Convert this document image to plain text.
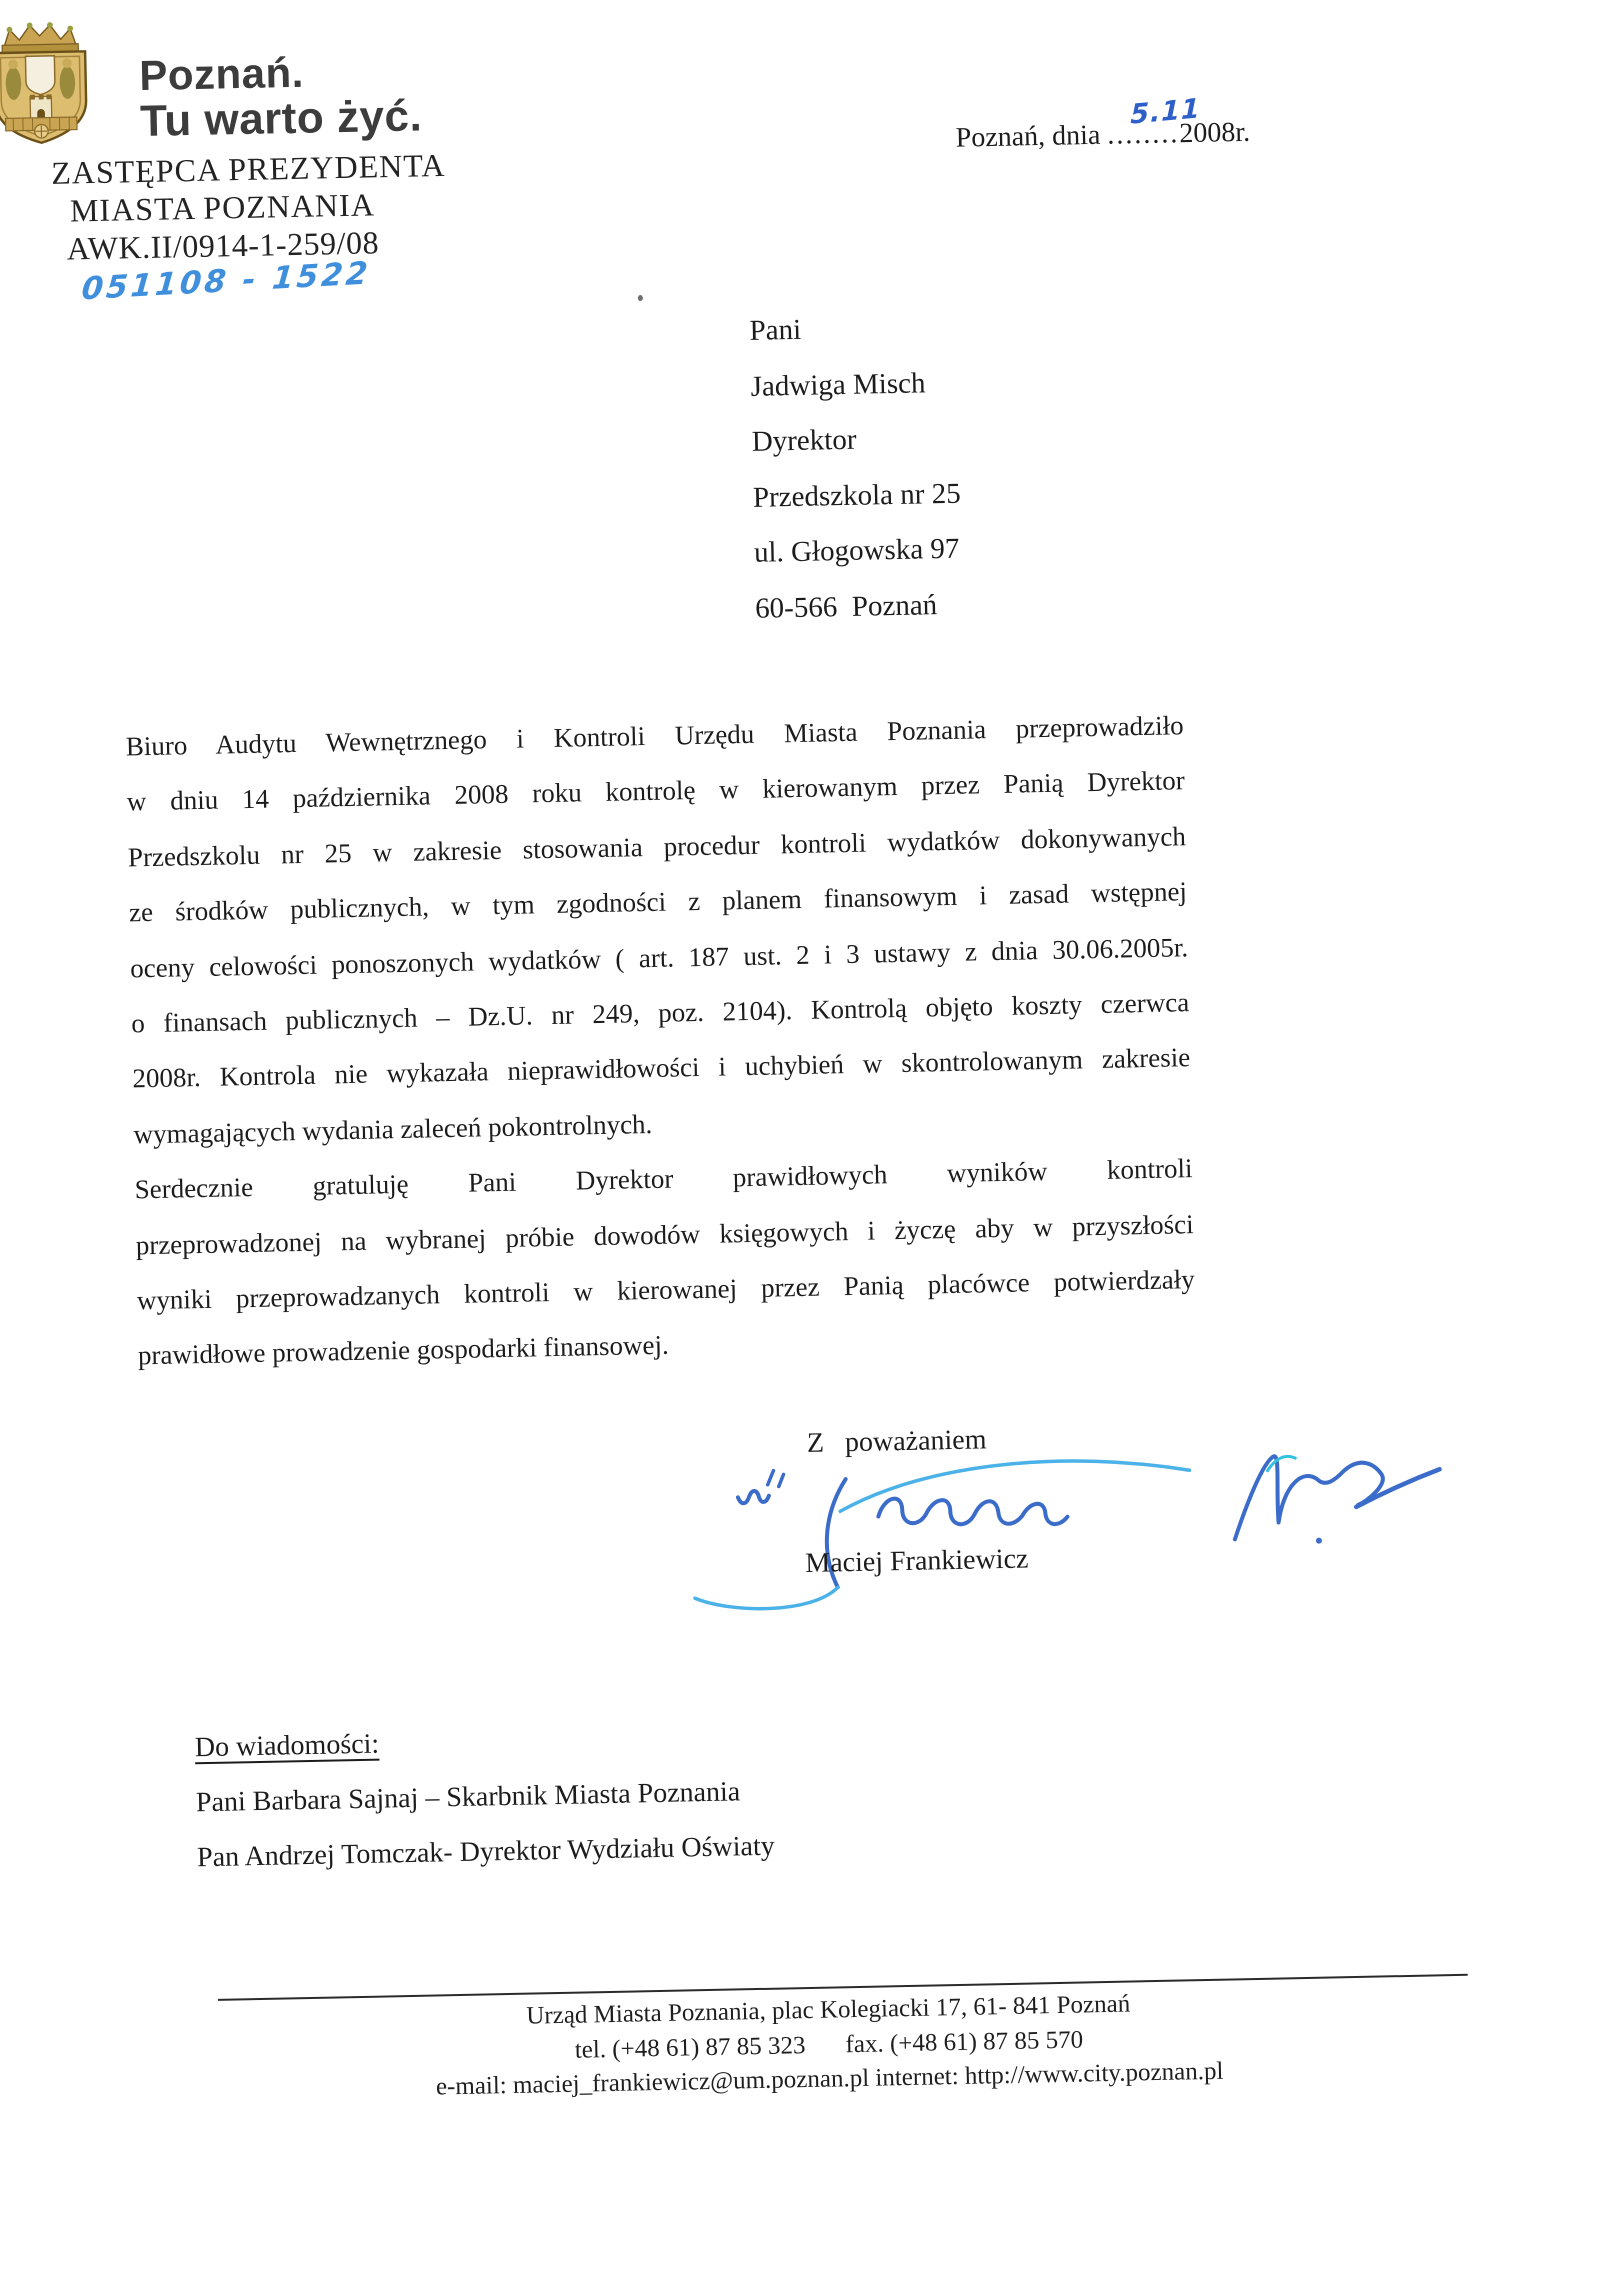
Poznań.
Tu warto żyć.
ZASTĘPCA PREZYDENTA
MIASTA POZNANIA
AWK.II/0914-1-259/08
051108 - 1522
Poznań, dnia ........2008r.
5.11
Pani
Jadwiga Misch
Dyrektor
Przedszkola nr 25
ul. Głogowska 97
60-566  Poznań
Biuro Audytu Wewnętrznego i Kontroli Urzędu Miasta Poznania przeprowadziło
w dniu 14 października 2008 roku kontrolę w kierowanym przez Panią Dyrektor
Przedszkolu nr 25 w zakresie stosowania procedur kontroli wydatków dokonywanych
ze środków publicznych, w tym zgodności z planem finansowym i zasad wstępnej
oceny celowości ponoszonych wydatków ( art. 187 ust. 2 i 3 ustawy z dnia 30.06.2005r.
o finansach publicznych – Dz.U. nr 249, poz. 2104). Kontrolą objęto koszty czerwca
2008r. Kontrola nie wykazała nieprawidłowości i uchybień w skontrolowanym zakresie
wymagających wydania zaleceń pokontrolnych.
Serdecznie gratuluję Pani Dyrektor prawidłowych wyników kontroli
przeprowadzonej na wybranej próbie dowodów księgowych i życzę aby w przyszłości
wyniki przeprowadzanych kontroli w kierowanej przez Panią placówce potwierdzały
prawidłowe prowadzenie gospodarki finansowej.
Z   poważaniem
Maciej Frankiewicz
Do wiadomości:
Pani Barbara Sajnaj – Skarbnik Miasta Poznania
Pan Andrzej Tomczak- Dyrektor Wydziału Oświaty
Urząd Miasta Poznania, plac Kolegiacki 17, 61- 841 Poznań
tel. (+48 61) 87 85 323 fax. (+48 61) 87 85 570
e-mail: maciej_frankiewicz@um.poznan.pl internet: http://www.city.poznan.pl
